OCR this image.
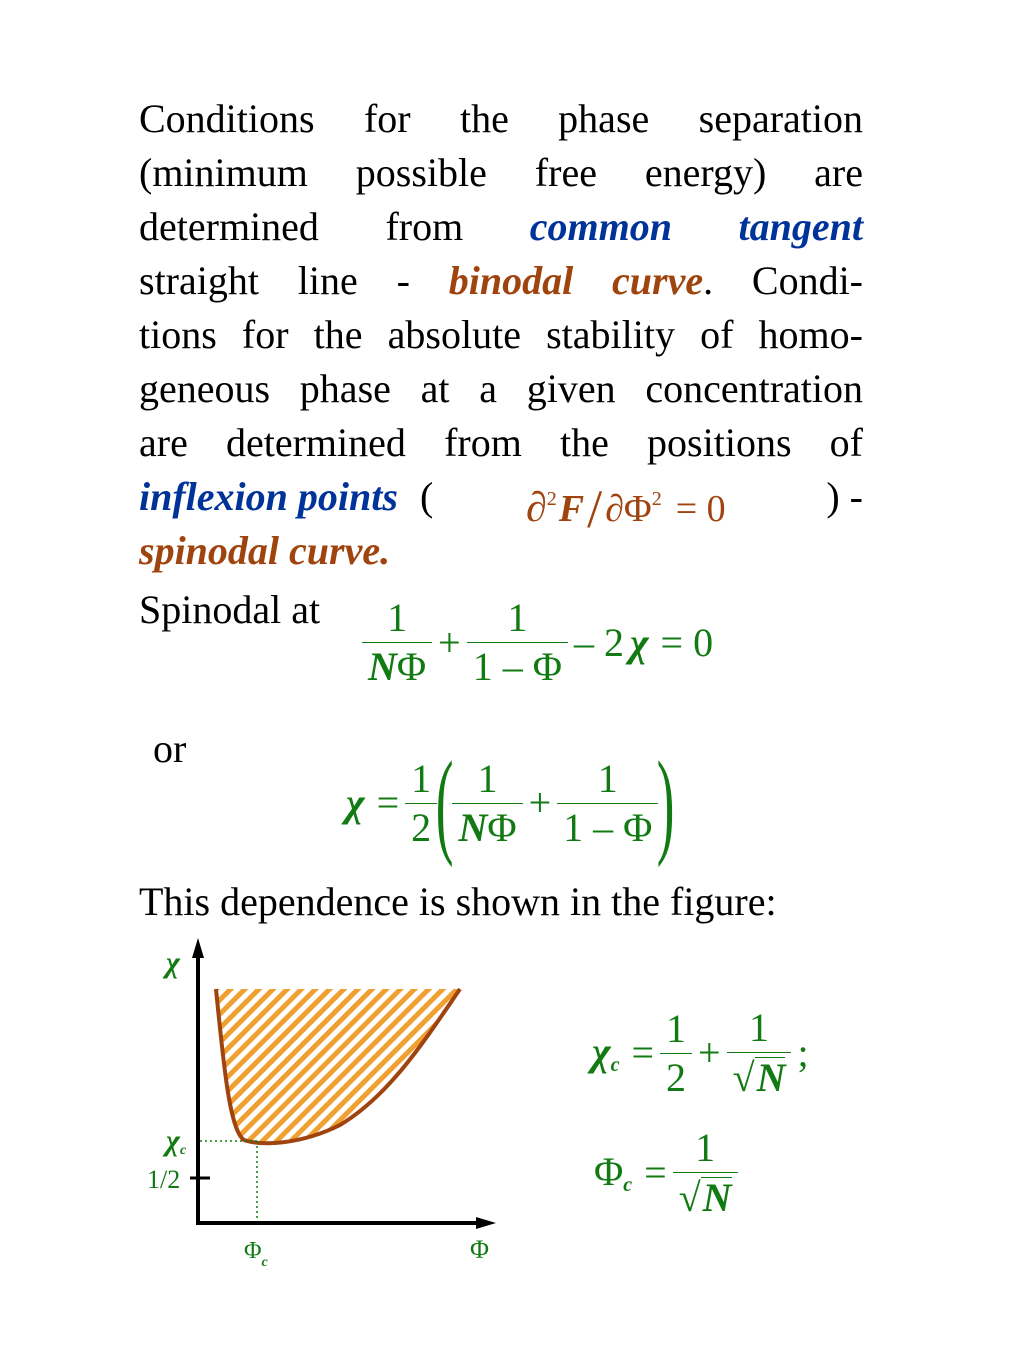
Conditions for the phase separation
(minimum possible free energy) are
determined from common tangent
straight line - binodal curve. Condi-
tions for the absolute stability of homo-
geneous phase at a given concentration
are determined from the positions of
inflexion points (	) -
spinodal curve.
$\partial^2F/\partial\Phi^2 = 0$
Spinodal at $\frac{1}{N\Phi} + \frac{1}{1 - \Phi} - 2$ χ = 0
or
$\chi = \frac{1}{2}$
(
$\frac{1}{N\Phi} + \frac{1}{1 - \Phi}$
)
This dependence is shown in the figure:
χ
Φ
χc
1/2
$\Phi_c$
$\chi_c = \frac{1}{2} + \frac{1}{√N}$ ;
$\Phi_c = \frac{1}{√N}$
